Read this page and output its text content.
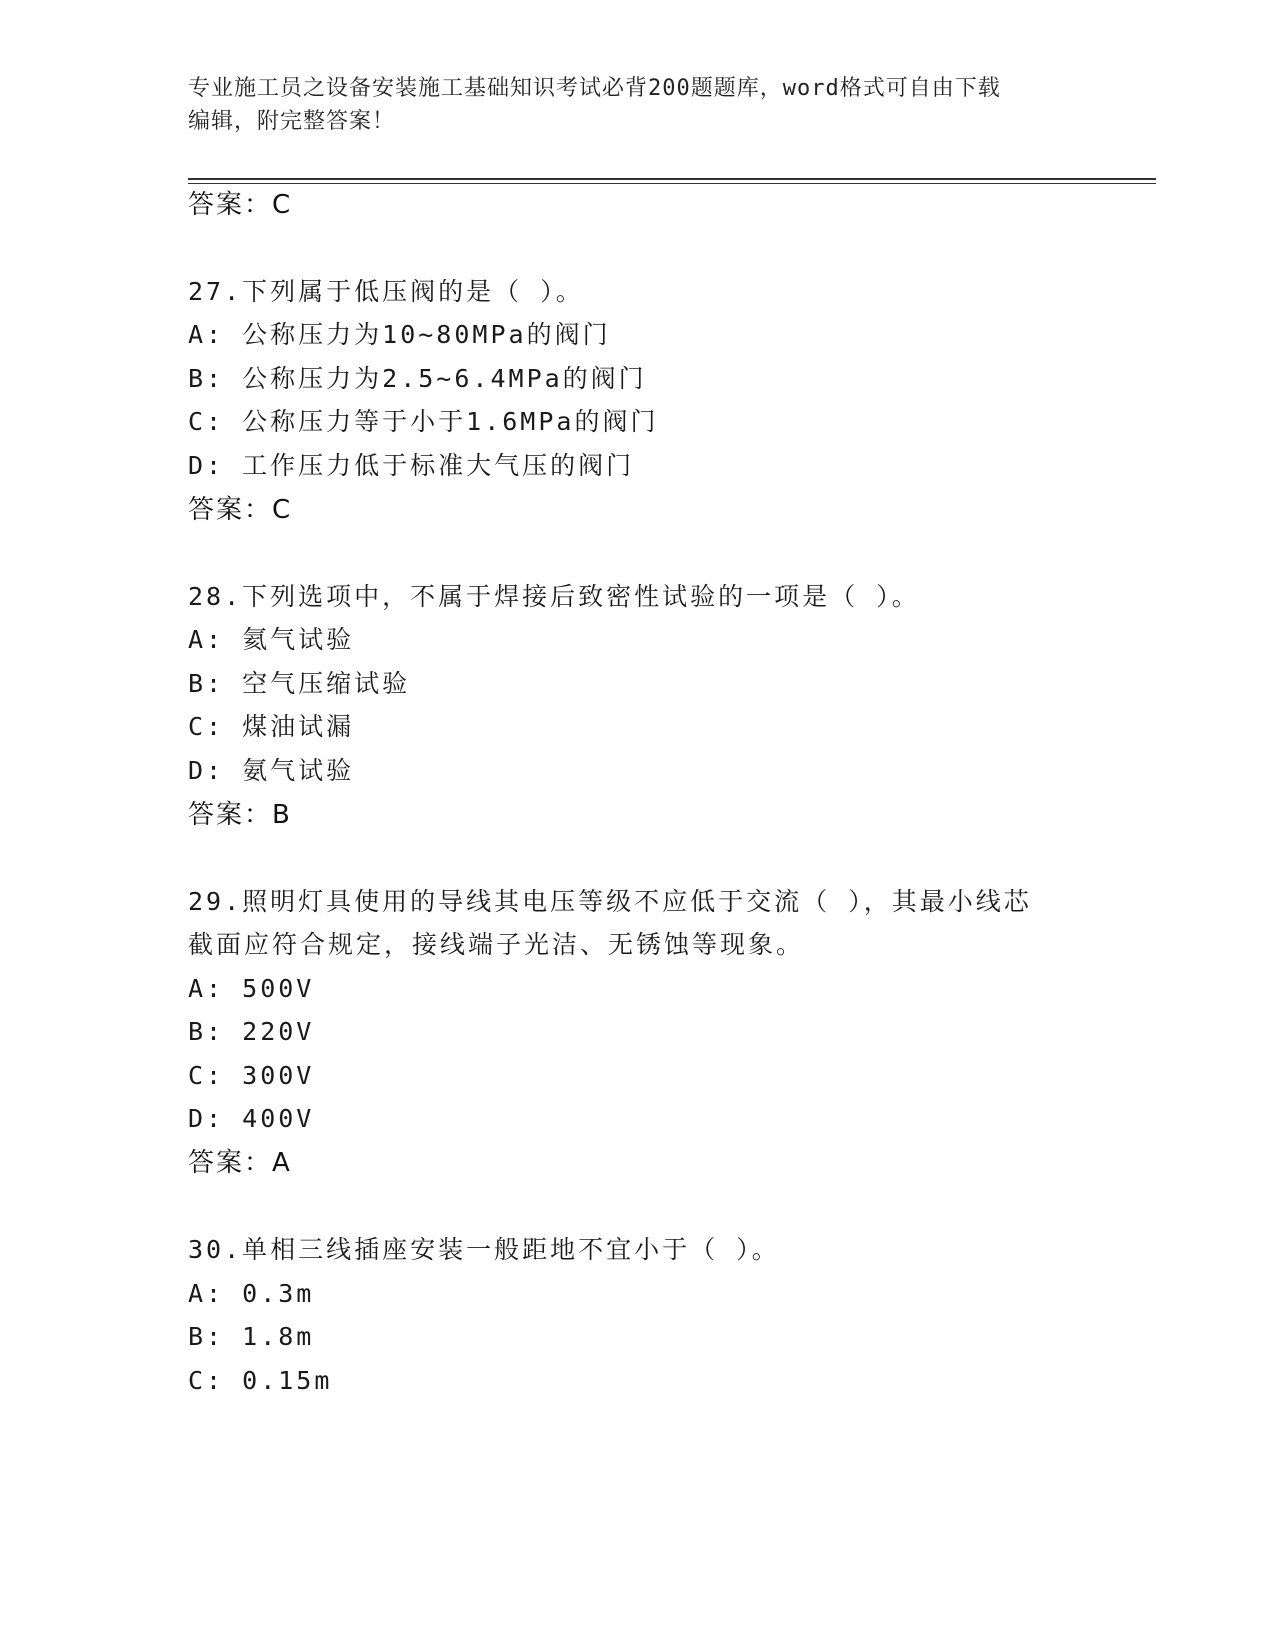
专业施工员之设备安装施工基础知识考试必背200题题库，word格式可自由下载
编辑，附完整答案！
答案：C
27.下列属于低压阀的是（ ）。
A: 公称压力为10~80MPa的阀门
B: 公称压力为2.5~6.4MPa的阀门
C: 公称压力等于小于1.6MPa的阀门
D: 工作压力低于标准大气压的阀门
答案：C
28.下列选项中，不属于焊接后致密性试验的一项是（ ）。
A: 氦气试验
B: 空气压缩试验
C: 煤油试漏
D: 氨气试验
答案：B
29.照明灯具使用的导线其电压等级不应低于交流（ ），其最小线芯
截面应符合规定，接线端子光洁、无锈蚀等现象。
A: 500V
B: 220V
C: 300V
D: 400V
答案：A
30.单相三线插座安装一般距地不宜小于（ ）。
A: 0.3m
B: 1.8m
C: 0.15m
